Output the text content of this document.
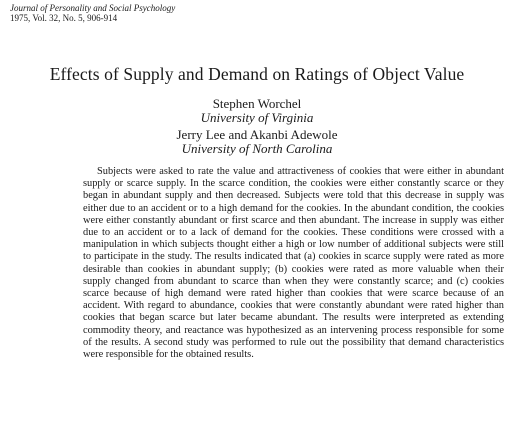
Journal of Personality and Social Psychology
1975, Vol. 32, No. 5, 906-914
Effects of Supply and Demand on Ratings of Object Value
Stephen Worchel
University of Virginia
Jerry Lee and Akanbi Adewole
University of North Carolina

Subjects were asked to rate the value and attractiveness of cookies that were either in abundant supply or scarce supply. In the scarce condition, the cookies were either constantly scarce or they began in abundant supply and then decreased. Subjects were told that this decrease in supply was either due to an accident or to a high demand for the cookies. In the abundant condition, the cookies were either constantly abundant or first scarce and then abundant. The increase in supply was either due to an accident or to a lack of demand for the cookies. These conditions were crossed with a manipulation in which subjects thought either a high or low number of additional subjects were still to participate in the study. The results indicated that (a) cookies in scarce supply were rated as more desirable than cookies in abundant supply; (b) cookies were rated as more valuable when their supply changed from abundant to scarce than when they were constantly scarce; and (c) cookies scarce because of high demand were rated higher than cookies that were scarce because of an accident. With regard to abundance, cookies that were constantly abundant were rated higher than cookies that began scarce but later became abundant. The results were interpreted as extending commodity theory, and reactance was hypothesized as an intervening process responsible for some of the results. A second study was performed to rule out the possibility that demand characteristics were responsible for the obtained results.
